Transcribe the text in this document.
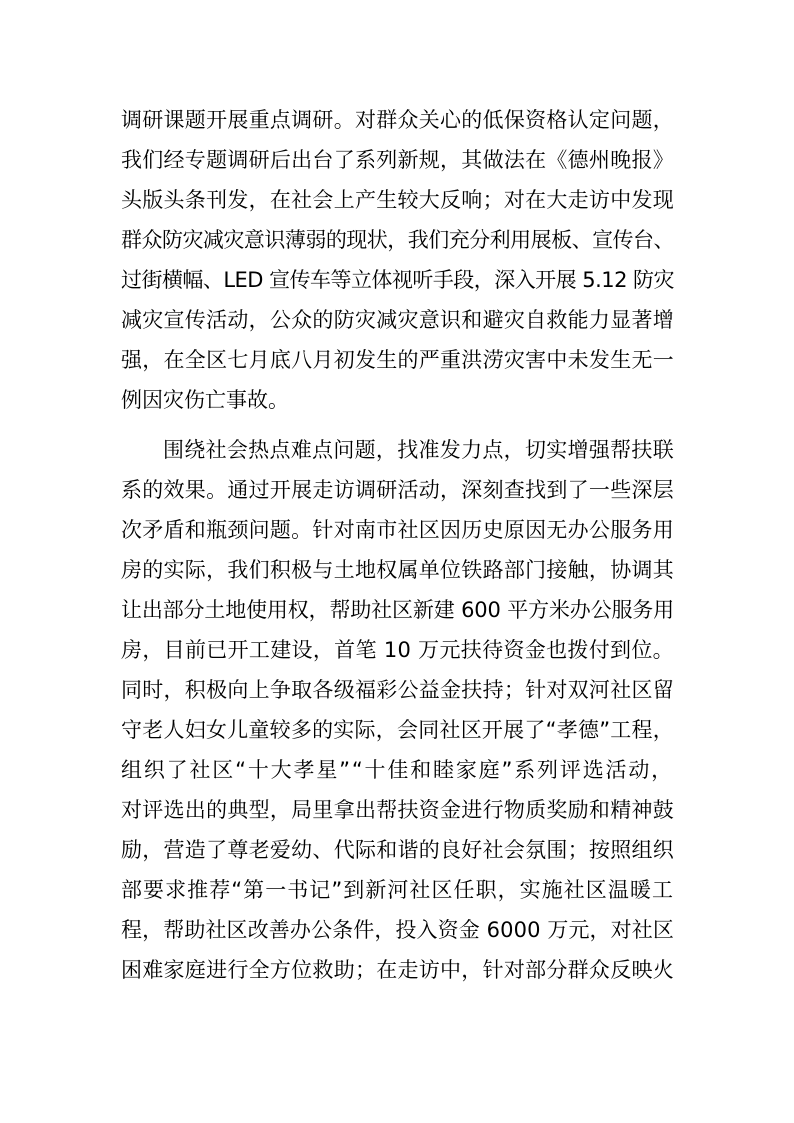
调研课题开展重点调研。对群众关心的低保资格认定问题，
我们经专题调研后出台了系列新规，其做法在《德州晚报》
头版头条刊发，在社会上产生较大反响；对在大走访中发现
群众防灾减灾意识薄弱的现状，我们充分利用展板、宣传台、
过街横幅、LED 宣传车等立体视听手段，深入开展 5.12 防灾
减灾宣传活动，公众的防灾减灾意识和避灾自救能力显著增
强，在全区七月底八月初发生的严重洪涝灾害中未发生无一
例因灾伤亡事故。
围绕社会热点难点问题，找准发力点，切实增强帮扶联
系的效果。通过开展走访调研活动，深刻查找到了一些深层
次矛盾和瓶颈问题。针对南市社区因历史原因无办公服务用
房的实际，我们积极与土地权属单位铁路部门接触，协调其
让出部分土地使用权，帮助社区新建 600 平方米办公服务用
房，目前已开工建设，首笔 10 万元扶待资金也拨付到位。
同时，积极向上争取各级福彩公益金扶持；针对双河社区留
守老人妇女儿童较多的实际，会同社区开展了“孝德”工程，
组织了社区“十大孝星”“十佳和睦家庭”系列评选活动，
对评选出的典型，局里拿出帮扶资金进行物质奖励和精神鼓
励，营造了尊老爱幼、代际和谐的良好社会氛围；按照组织
部要求推荐“第一书记”到新河社区任职，实施社区温暖工
程，帮助社区改善办公条件，投入资金 6000 万元，对社区
困难家庭进行全方位救助；在走访中，针对部分群众反映火
